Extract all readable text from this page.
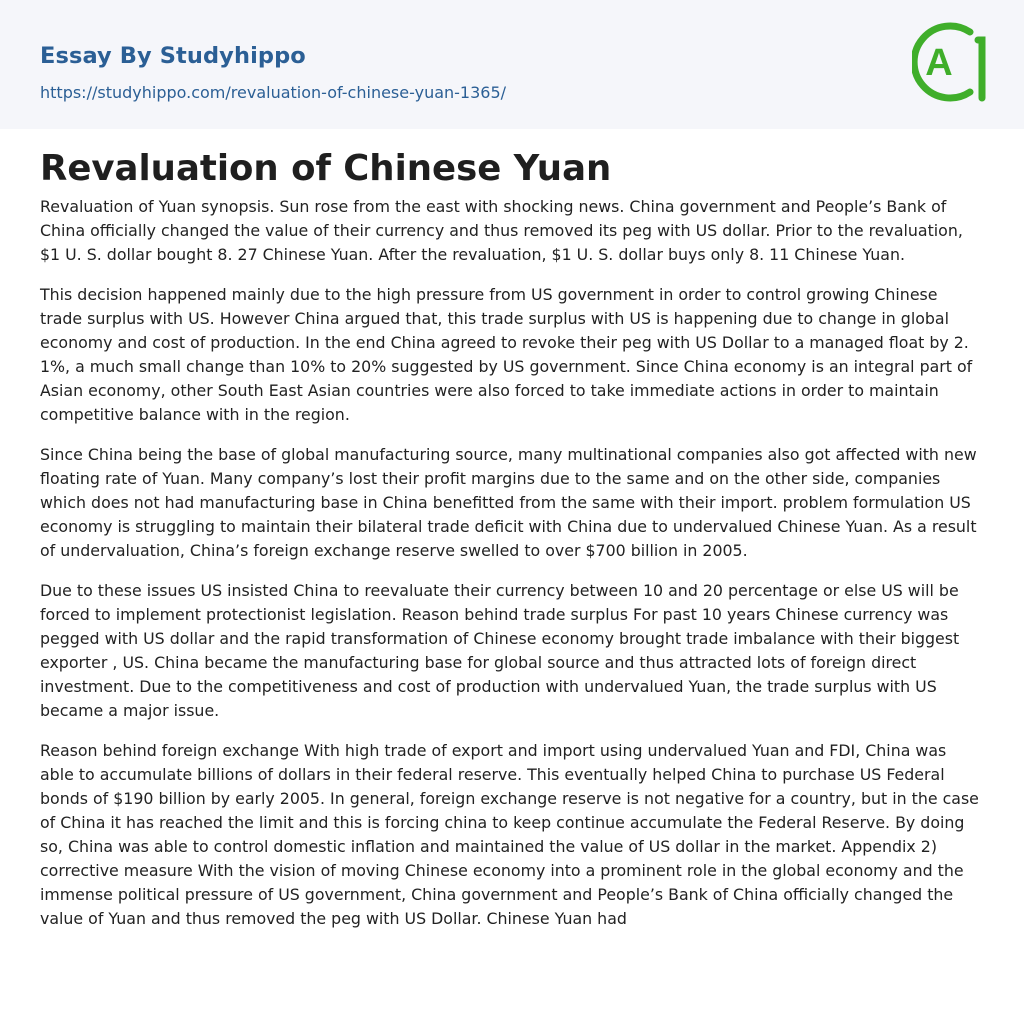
Essay By Studyhippo
https://studyhippo.com/revaluation-of-chinese-yuan-1365/
A
Revaluation of Chinese Yuan

Revaluation of Yuan synopsis. Sun rose from the east with shocking news. China government and People’s Bank of China officially changed the value of their currency and thus removed its peg with US dollar. Prior to the revaluation, $1 U. S. dollar bought 8. 27 Chinese Yuan. After the revaluation, $1 U. S. dollar buys only 8. 11 Chinese Yuan.

This decision happened mainly due to the high pressure from US government in order to control growing Chinese trade surplus with US. However China argued that, this trade surplus with US is happening due to change in global economy and cost of production. In the end China agreed to revoke their peg with US Dollar to a managed float by 2. 1%, a much small change than 10% to 20% suggested by US government. Since China economy is an integral part of Asian economy, other South East Asian countries were also forced to take immediate actions in order to maintain competitive balance with in the region.

Since China being the base of global manufacturing source, many multinational companies also got affected with new floating rate of Yuan. Many company’s lost their profit margins due to the same and on the other side, companies which does not had manufacturing base in China benefitted from the same with their import. problem formulation US economy is struggling to maintain their bilateral trade deficit with China due to undervalued Chinese Yuan. As a result of undervaluation, China’s foreign exchange reserve swelled to over $700 billion in 2005.

Due to these issues US insisted China to reevaluate their currency between 10 and 20 percentage or else US will be forced to implement protectionist legislation. Reason behind trade surplus For past 10 years Chinese currency was pegged with US dollar and the rapid transformation of Chinese economy brought trade imbalance with their biggest exporter , US. China became the manufacturing base for global source and thus attracted lots of foreign direct investment. Due to the competitiveness and cost of production with undervalued Yuan, the trade surplus with US became a major issue.

Reason behind foreign exchange With high trade of export and import using undervalued Yuan and FDI, China was able to accumulate billions of dollars in their federal reserve. This eventually helped China to purchase US Federal bonds of $190 billion by early 2005. In general, foreign exchange reserve is not negative for a country, but in the case of China it has reached the limit and this is forcing china to keep continue accumulate the Federal Reserve. By doing so, China was able to control domestic inflation and maintained the value of US dollar in the market. Appendix 2) corrective measure With the vision of moving Chinese economy into a prominent role in the global economy and the immense political pressure of US government, China government and People’s Bank of China officially changed the value of Yuan and thus removed the peg with US Dollar. Chinese Yuan had
